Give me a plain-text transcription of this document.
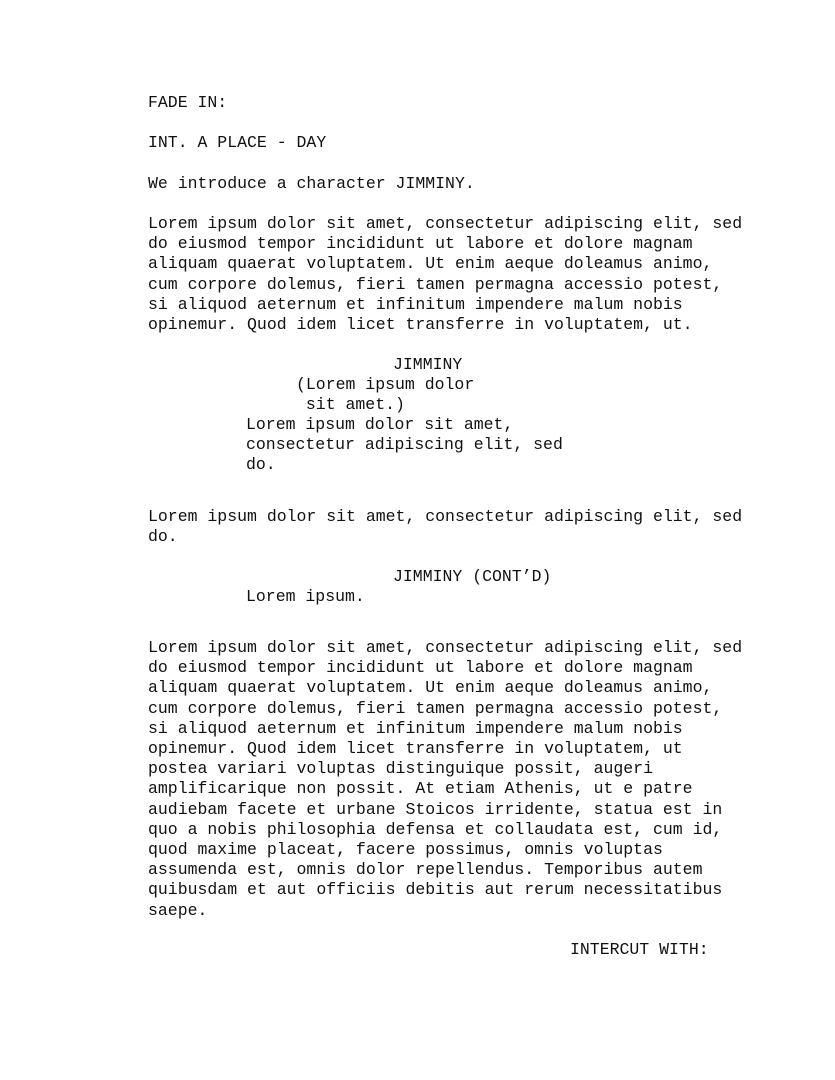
FADE IN:
INT. A PLACE - DAY
We introduce a character JIMMINY.
Lorem ipsum dolor sit amet, consectetur adipiscing elit, sed
do eiusmod tempor incididunt ut labore et dolore magnam
aliquam quaerat voluptatem. Ut enim aeque doleamus animo,
cum corpore dolemus, fieri tamen permagna accessio potest,
si aliquod aeternum et infinitum impendere malum nobis
opinemur. Quod idem licet transferre in voluptatem, ut.
JIMMINY
(Lorem ipsum dolor
sit amet.)
Lorem ipsum dolor sit amet,
consectetur adipiscing elit, sed
do.
Lorem ipsum dolor sit amet, consectetur adipiscing elit, sed
do.
JIMMINY (CONT’D)
Lorem ipsum.
Lorem ipsum dolor sit amet, consectetur adipiscing elit, sed
do eiusmod tempor incididunt ut labore et dolore magnam
aliquam quaerat voluptatem. Ut enim aeque doleamus animo,
cum corpore dolemus, fieri tamen permagna accessio potest,
si aliquod aeternum et infinitum impendere malum nobis
opinemur. Quod idem licet transferre in voluptatem, ut
postea variari voluptas distinguique possit, augeri
amplificarique non possit. At etiam Athenis, ut e patre
audiebam facete et urbane Stoicos irridente, statua est in
quo a nobis philosophia defensa et collaudata est, cum id,
quod maxime placeat, facere possimus, omnis voluptas
assumenda est, omnis dolor repellendus. Temporibus autem
quibusdam et aut officiis debitis aut rerum necessitatibus
saepe.
INTERCUT WITH:
